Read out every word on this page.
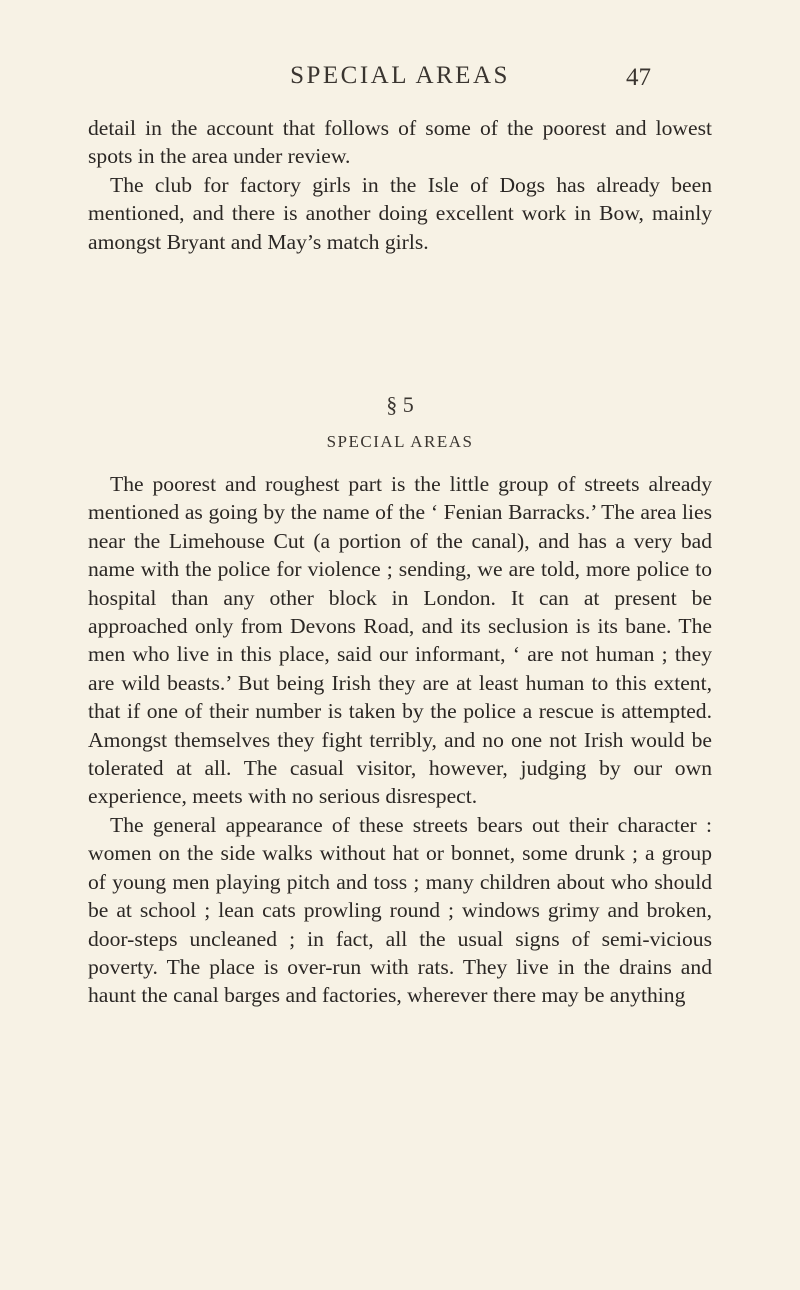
SPECIAL AREAS	47

detail in the account that follows of some of the poorest and lowest spots in the area under review.

The club for factory girls in the Isle of Dogs has already been mentioned, and there is another doing excellent work in Bow, mainly amongst Bryant and May’s match girls.

§ 5
SPECIAL AREAS

The poorest and roughest part is the little group of streets already mentioned as going by the name of the ‘ Fenian Barracks.’ The area lies near the Limehouse Cut (a portion of the canal), and has a very bad name with the police for violence ; sending, we are told, more police to hospital than any other block in London. It can at present be approached only from Devons Road, and its seclusion is its bane. The men who live in this place, said our informant, ‘ are not human ; they are wild beasts.’ But being Irish they are at least human to this extent, that if one of their number is taken by the police a rescue is attempted. Amongst themselves they fight terribly, and no one not Irish would be tolerated at all. The casual visitor, however, judging by our own experience, meets with no serious disrespect.

The general appearance of these streets bears out their character : women on the side walks without hat or bonnet, some drunk ; a group of young men playing pitch and toss ; many children about who should be at school ; lean cats prowling round ; windows grimy and broken, door-steps uncleaned ; in fact, all the usual signs of semi-vicious poverty. The place is over-run with rats. They live in the drains and haunt the canal barges and factories, wherever there may be anything
